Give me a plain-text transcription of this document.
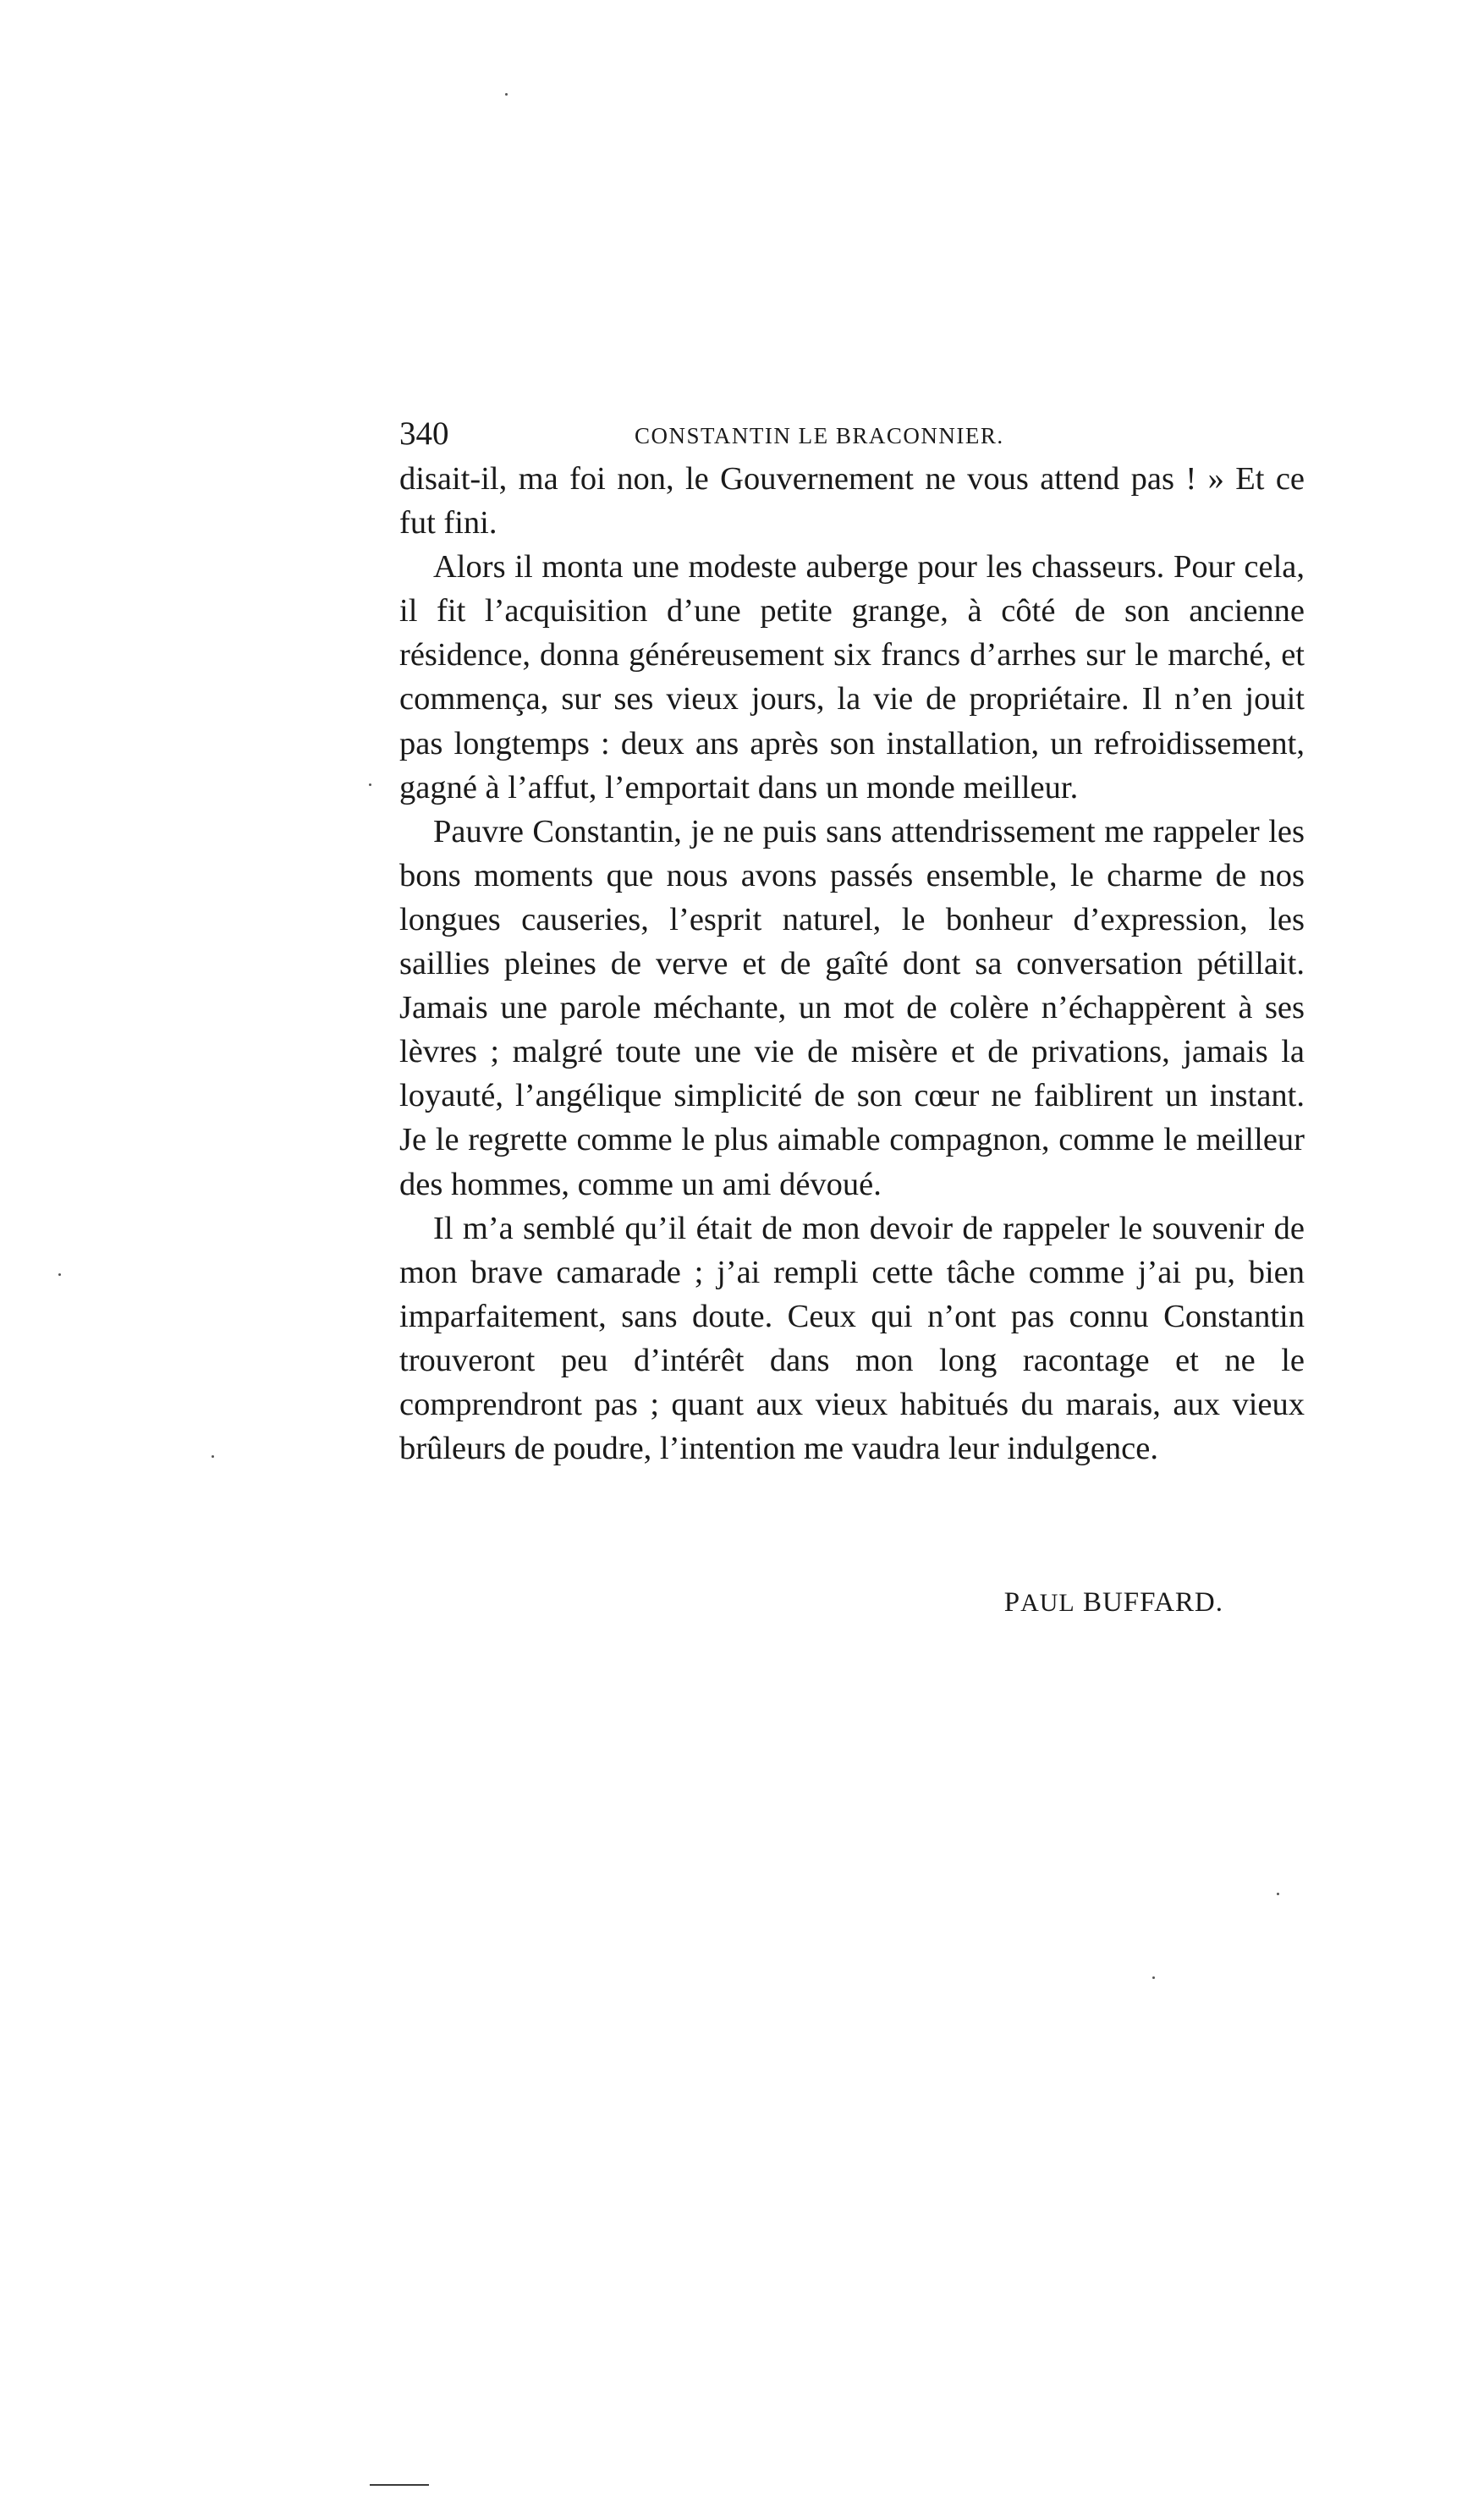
340	CONSTANTIN LE BRACONNIER.

disait-il, ma foi non, le Gouvernement ne vous attend pas ! » Et ce fut fini.

Alors il monta une modeste auberge pour les chasseurs. Pour cela, il fit l’acquisition d’une petite grange, à côté de son ancienne résidence, donna généreusement six francs d’arrhes sur le marché, et commença, sur ses vieux jours, la vie de propriétaire. Il n’en jouit pas longtemps : deux ans après son installation, un refroidissement, gagné à l’affut, l’emportait dans un monde meilleur.

Pauvre Constantin, je ne puis sans attendrissement me rappeler les bons moments que nous avons passés ensemble, le charme de nos longues causeries, l’esprit naturel, le bonheur d’expression, les saillies pleines de verve et de gaîté dont sa conversation pétillait. Jamais une parole méchante, un mot de colère n’échappèrent à ses lèvres ; malgré toute une vie de misère et de privations, jamais la loyauté, l’angélique simplicité de son cœur ne faiblirent un instant. Je le regrette comme le plus aimable compagnon, comme le meilleur des hommes, comme un ami dévoué.

Il m’a semblé qu’il était de mon devoir de rappeler le souvenir de mon brave camarade ; j’ai rempli cette tâche comme j’ai pu, bien imparfaitement, sans doute. Ceux qui n’ont pas connu Constantin trouveront peu d’intérêt dans mon long racontage et ne le comprendront pas ; quant aux vieux habitués du marais, aux vieux brûleurs de poudre, l’intention me vaudra leur indulgence.

PAUL BUFFARD.
